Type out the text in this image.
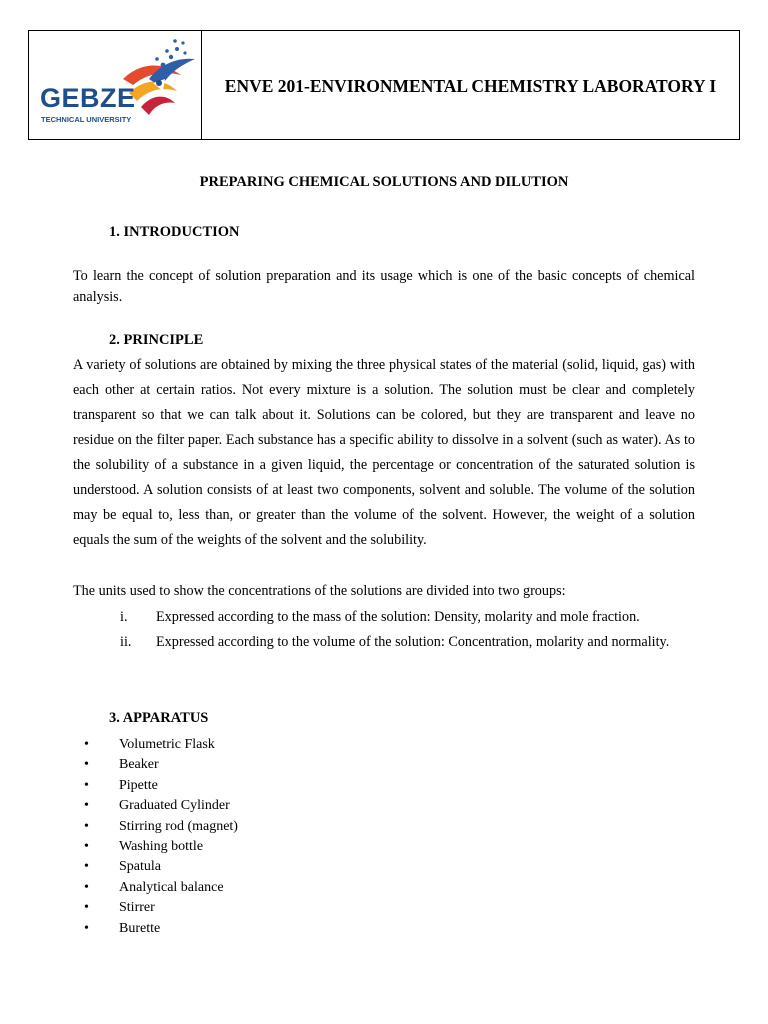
GEBZE
TECHNICAL UNIVERSITY
ENVE 201-ENVIRONMENTAL CHEMISTRY LABORATORY I
PREPARING CHEMICAL SOLUTIONS AND DILUTION
1. INTRODUCTION
To learn the concept of solution preparation and its usage which is one of the basic concepts of chemical analysis.
2. PRINCIPLE
A variety of solutions are obtained by mixing the three physical states of the material (solid, liquid, gas) with each other at certain ratios. Not every mixture is a solution. The solution must be clear and completely transparent so that we can talk about it. Solutions can be colored, but they are transparent and leave no residue on the filter paper. Each substance has a specific ability to dissolve in a solvent (such as water). As to the solubility of a substance in a given liquid, the percentage or concentration of the saturated solution is understood. A solution consists of at least two components, solvent and soluble. The volume of the solution may be equal to, less than, or greater than the volume of the solvent. However, the weight of a solution equals the sum of the weights of the solvent and the solubility.
The units used to show the concentrations of the solutions are divided into two groups:
i. Expressed according to the mass of the solution: Density, molarity and mole fraction.
ii. Expressed according to the volume of the solution: Concentration, molarity and normality.
3. APPARATUS
• Volumetric Flask
• Beaker
• Pipette
• Graduated Cylinder
• Stirring rod (magnet)
• Washing bottle
• Spatula
• Analytical balance
• Stirrer
• Burette
